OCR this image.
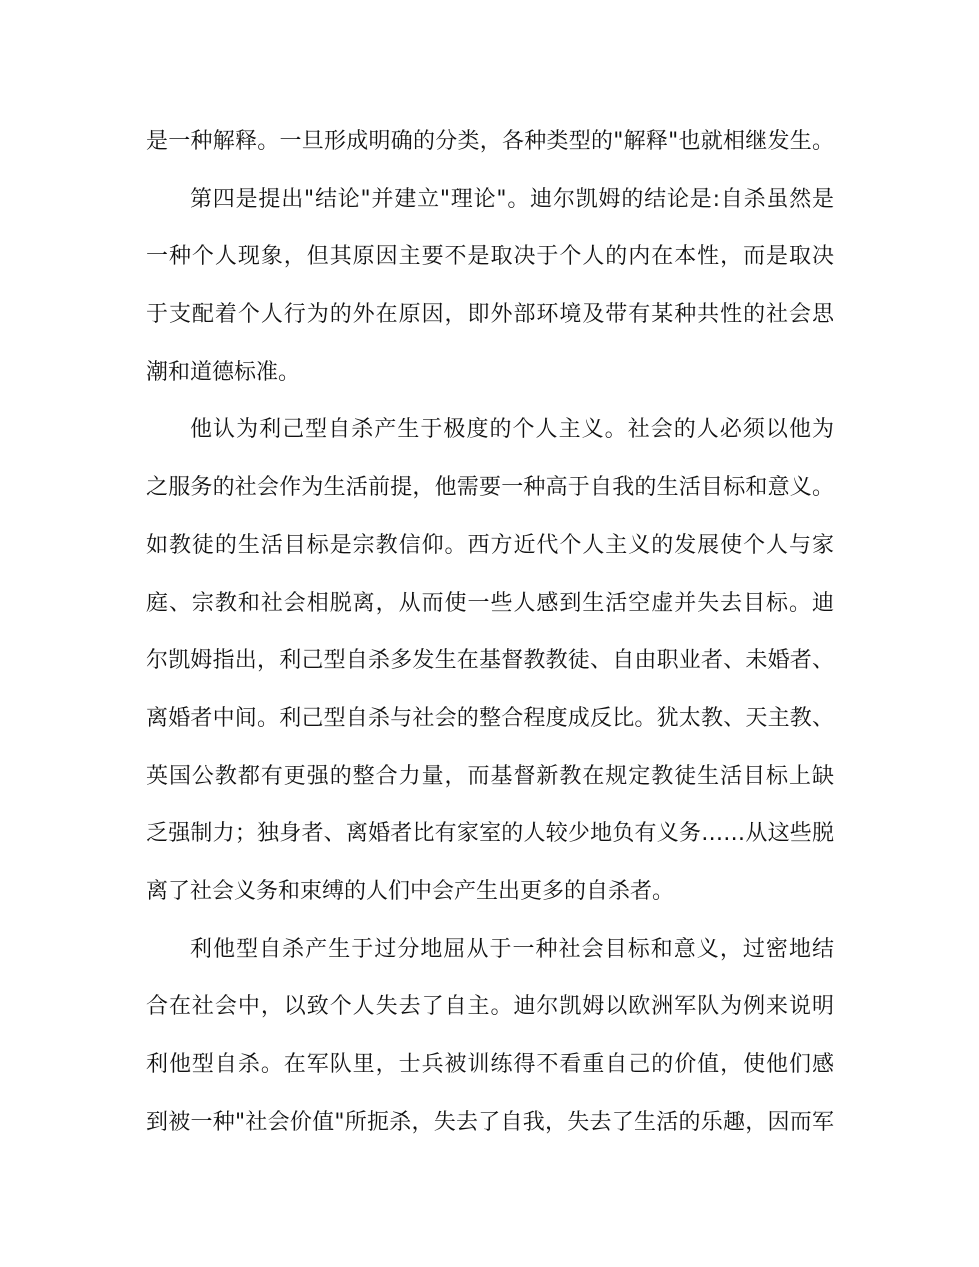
是一种解释。一旦形成明确的分类，各种类型的"解释"也就相继发生。
第四是提出"结论"并建立"理论"。迪尔凯姆的结论是:自杀虽然是
一种个人现象，但其原因主要不是取决于个人的内在本性，而是取决
于支配着个人行为的外在原因，即外部环境及带有某种共性的社会思
潮和道德标准。
他认为利己型自杀产生于极度的个人主义。社会的人必须以他为
之服务的社会作为生活前提，他需要一种高于自我的生活目标和意义。
如教徒的生活目标是宗教信仰。西方近代个人主义的发展使个人与家
庭、宗教和社会相脱离，从而使一些人感到生活空虚并失去目标。迪
尔凯姆指出，利己型自杀多发生在基督教教徒、自由职业者、未婚者、
离婚者中间。利己型自杀与社会的整合程度成反比。犹太教、天主教、
英国公教都有更强的整合力量，而基督新教在规定教徒生活目标上缺
乏强制力；独身者、离婚者比有家室的人较少地负有义务……从这些脱
离了社会义务和束缚的人们中会产生出更多的自杀者。
利他型自杀产生于过分地屈从于一种社会目标和意义，过密地结
合在社会中，以致个人失去了自主。迪尔凯姆以欧洲军队为例来说明
利他型自杀。在军队里，士兵被训练得不看重自己的价值，使他们感
到被一种"社会价值"所扼杀，失去了自我，失去了生活的乐趣，因而军
